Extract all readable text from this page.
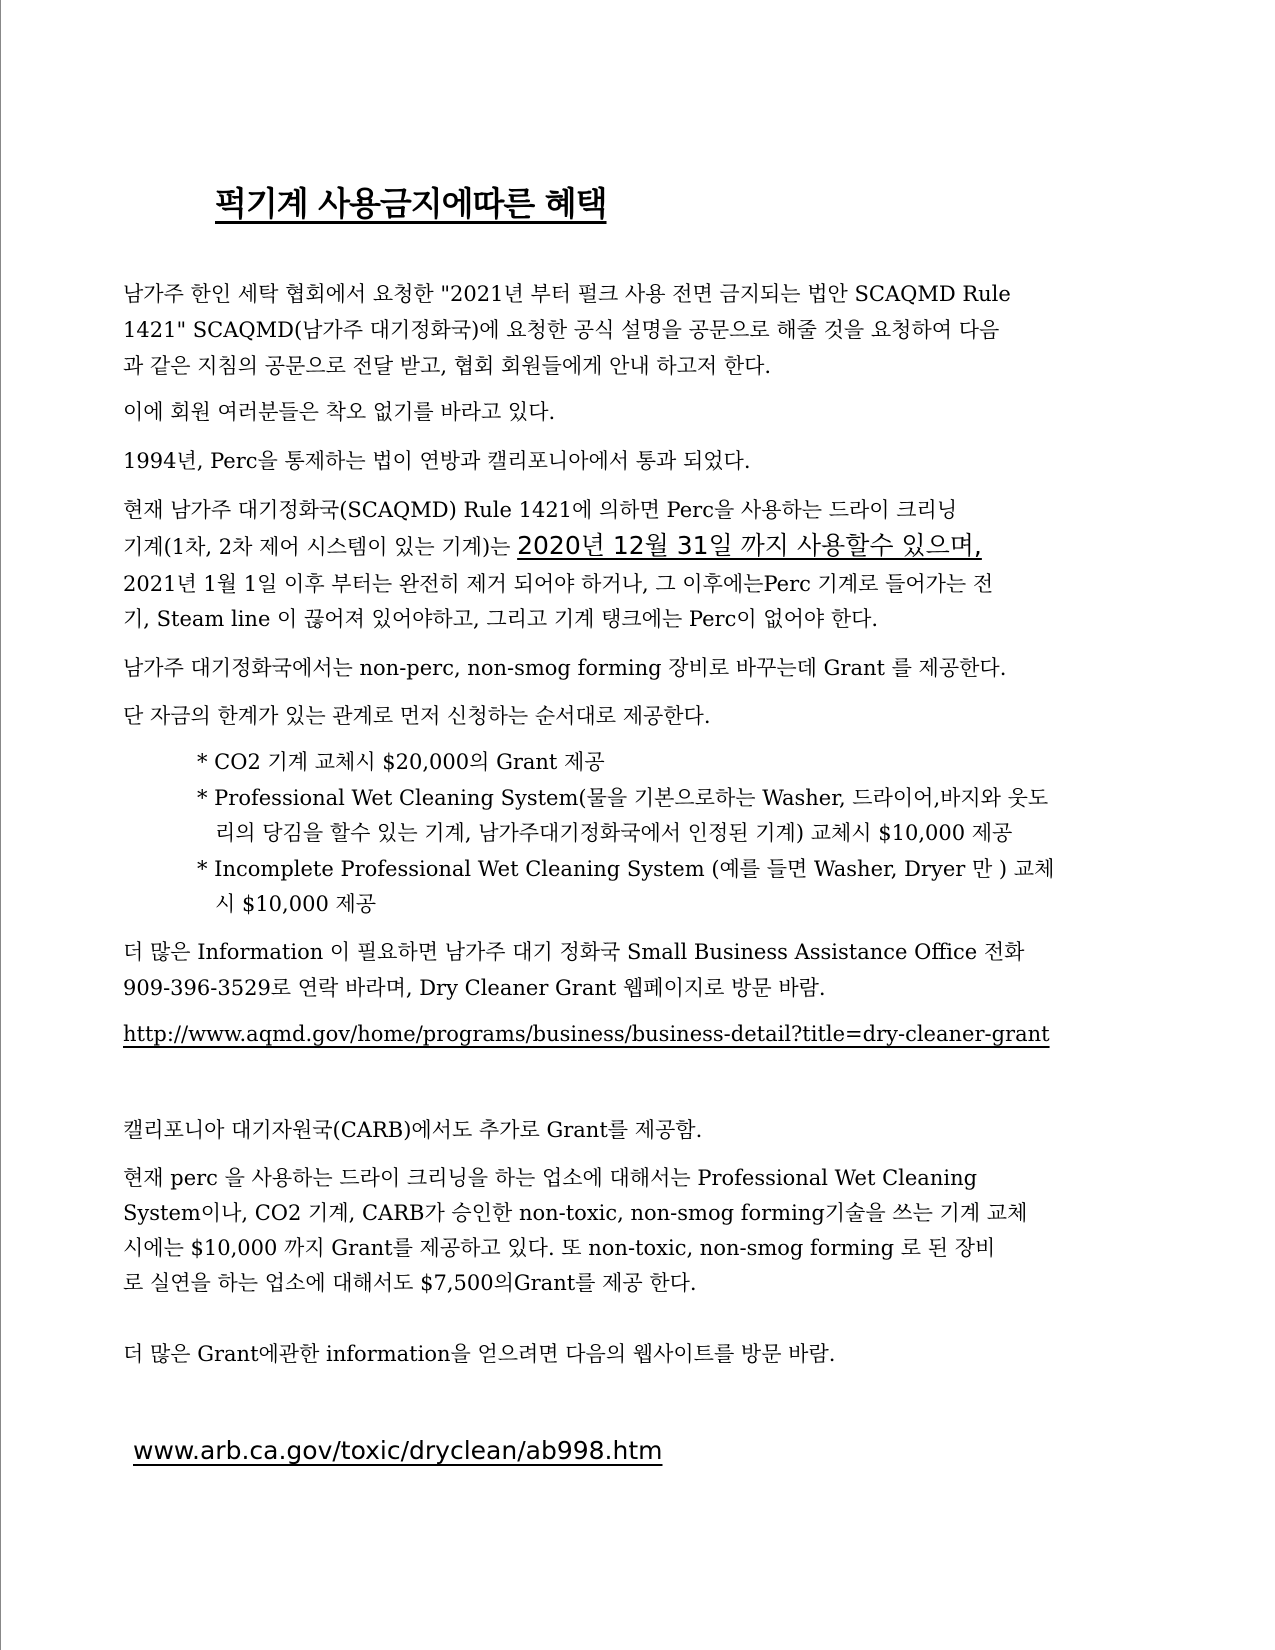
퍽기계 사용금지에따른 혜택
남가주 한인 세탁 협회에서 요청한 "2021년 부터 펄크 사용 전면 금지되는 법안 SCAQMD Rule
1421" SCAQMD(남가주 대기정화국)에 요청한 공식 설명을 공문으로 해줄 것을 요청하여 다음
과 같은 지침의 공문으로 전달 받고, 협회 회원들에게 안내 하고저 한다.
이에 회원 여러분들은 착오 없기를 바라고 있다.
1994년, Perc을 통제하는 법이 연방과 캘리포니아에서 통과 되었다.
현재 남가주 대기정화국(SCAQMD) Rule 1421에 의하면 Perc을 사용하는 드라이 크리닝
기계(1차, 2차 제어 시스템이 있는 기계)는 2020년 12월 31일 까지 사용할수 있으며,
2021년 1월 1일 이후 부터는 완전히 제거 되어야 하거나, 그 이후에는Perc 기계로 들어가는 전
기, Steam line 이 끊어져 있어야하고, 그리고 기계 탱크에는 Perc이 없어야 한다.
남가주 대기정화국에서는 non-perc, non-smog forming 장비로 바꾸는데 Grant 를 제공한다.
단 자금의 한계가 있는 관계로 먼저 신청하는 순서대로 제공한다.
* CO2 기계 교체시 $20,000의 Grant 제공
* Professional Wet Cleaning System(물을 기본으로하는 Washer, 드라이어,바지와 웃도
리의 당김을 할수 있는 기계, 남가주대기정화국에서 인정된 기계) 교체시 $10,000 제공
* Incomplete Professional Wet Cleaning System (예를 들면 Washer, Dryer 만 ) 교체
시 $10,000 제공
더 많은 Information 이 필요하면 남가주 대기 정화국 Small Business Assistance Office 전화
909-396-3529로 연락 바라며, Dry Cleaner Grant 웹페이지로 방문 바람.
http://www.aqmd.gov/home/programs/business/business-detail?title=dry-cleaner-grant
캘리포니아 대기자원국(CARB)에서도 추가로 Grant를 제공함.
현재 perc 을 사용하는 드라이 크리닝을 하는 업소에 대해서는 Professional Wet Cleaning
System이나, CO2 기계, CARB가 승인한 non-toxic, non-smog forming기술을 쓰는 기계 교체
시에는 $10,000 까지 Grant를 제공하고 있다. 또 non-toxic, non-smog forming 로 된 장비
로 실연을 하는 업소에 대해서도 $7,500의Grant를 제공 한다.
더 많은 Grant에관한 information을 얻으려면 다음의 웹사이트를 방문 바람.
www.arb.ca.gov/toxic/dryclean/ab998.htm
